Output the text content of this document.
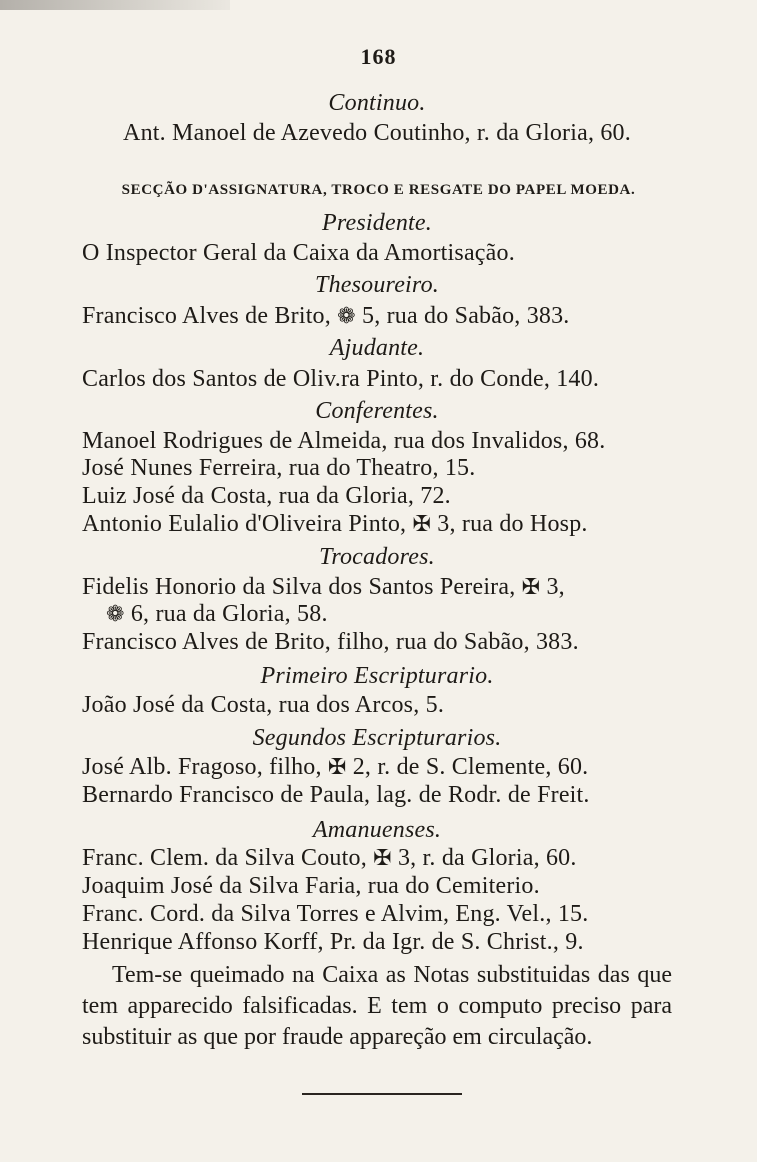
168
Continuo.
Ant. Manoel de Azevedo Coutinho, r. da Gloria, 60.
SECÇÃO D'ASSIGNATURA, TROCO E RESGATE DO PAPEL MOEDA.
Presidente.
O Inspector Geral da Caixa da Amortisação.
Thesoureiro.
Francisco Alves de Brito, ❁ 5, rua do Sabão, 383.
Ajudante.
Carlos dos Santos de Oliv.ra Pinto, r. do Conde, 140.
Conferentes.
Manoel Rodrigues de Almeida, rua dos Invalidos, 68.
José Nunes Ferreira, rua do Theatro, 15.
Luiz José da Costa, rua da Gloria, 72.
Antonio Eulalio d'Oliveira Pinto, ✠ 3, rua do Hosp.
Trocadores.
Fidelis Honorio da Silva dos Santos Pereira, ✠ 3,
❁ 6, rua da Gloria, 58.
Francisco Alves de Brito, filho, rua do Sabão, 383.
Primeiro Escripturario.
João José da Costa, rua dos Arcos, 5.
Segundos Escripturarios.
José Alb. Fragoso, filho, ✠ 2, r. de S. Clemente, 60.
Bernardo Francisco de Paula, lag. de Rodr. de Freit.
Amanuenses.
Franc. Clem. da Silva Couto, ✠ 3, r. da Gloria, 60.
Joaquim José da Silva Faria, rua do Cemiterio.
Franc. Cord. da Silva Torres e Alvim, Eng. Vel., 15.
Henrique Affonso Korff, Pr. da Igr. de S. Christ., 9.
Tem-se queimado na Caixa as Notas substituidas das que tem apparecido falsificadas. E tem o computo preciso para substituir as que por fraude appareção em circulação.
